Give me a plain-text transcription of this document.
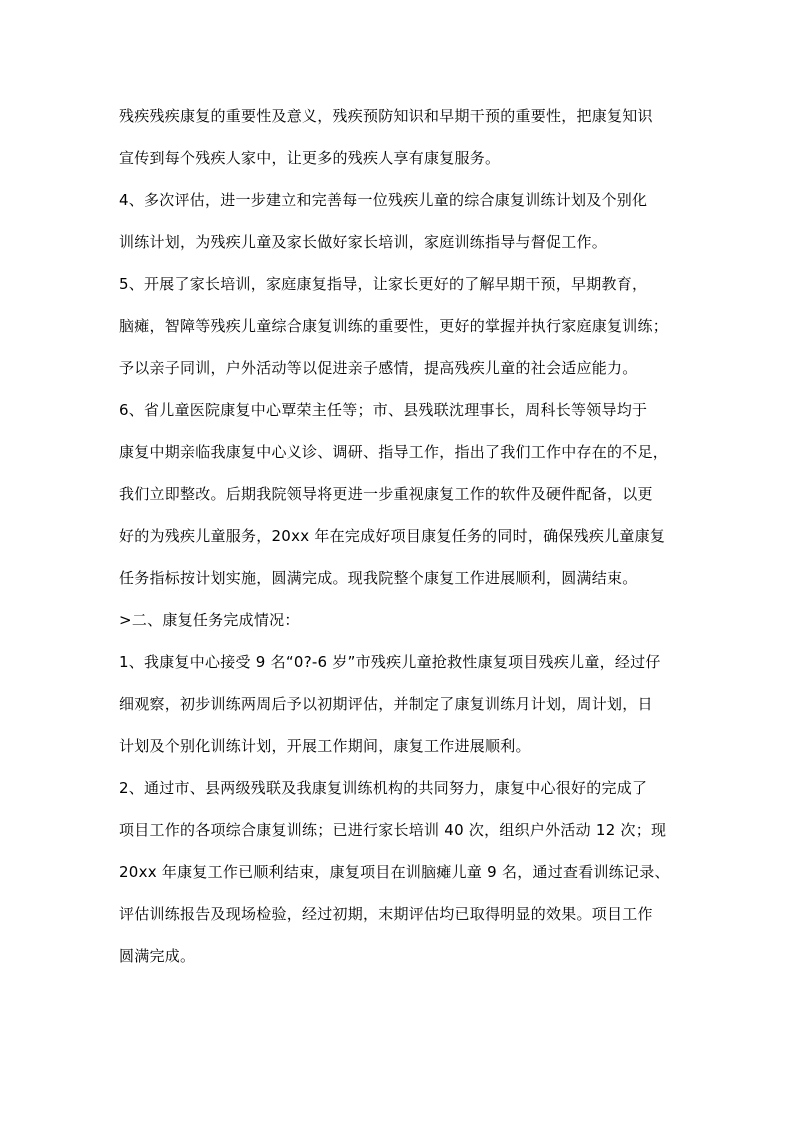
残疾残疾康复的重要性及意义，残疾预防知识和早期干预的重要性，把康复知识
宣传到每个残疾人家中，让更多的残疾人享有康复服务。
4、多次评估，进一步建立和完善每一位残疾儿童的综合康复训练计划及个别化
训练计划，为残疾儿童及家长做好家长培训，家庭训练指导与督促工作。
5、开展了家长培训，家庭康复指导，让家长更好的了解早期干预，早期教育，
脑瘫，智障等残疾儿童综合康复训练的重要性，更好的掌握并执行家庭康复训练；
予以亲子同训，户外活动等以促进亲子感情，提高残疾儿童的社会适应能力。
6、省儿童医院康复中心覃荣主任等；市、县残联沈理事长，周科长等领导均于
康复中期亲临我康复中心义诊、调研、指导工作，指出了我们工作中存在的不足，
我们立即整改。后期我院领导将更进一步重视康复工作的软件及硬件配备，以更
好的为残疾儿童服务，20xx 年在完成好项目康复任务的同时，确保残疾儿童康复
任务指标按计划实施，圆满完成。现我院整个康复工作进展顺利，圆满结束。
>二、康复任务完成情况：
1、我康复中心接受 9 名“0?-6 岁”市残疾儿童抢救性康复项目残疾儿童，经过仔
细观察，初步训练两周后予以初期评估，并制定了康复训练月计划，周计划，日
计划及个别化训练计划，开展工作期间，康复工作进展顺利。
2、通过市、县两级残联及我康复训练机构的共同努力，康复中心很好的完成了
项目工作的各项综合康复训练；已进行家长培训 40 次，组织户外活动 12 次；现
20xx 年康复工作已顺利结束，康复项目在训脑瘫儿童 9 名，通过查看训练记录、
评估训练报告及现场检验，经过初期，末期评估均已取得明显的效果。项目工作
圆满完成。
